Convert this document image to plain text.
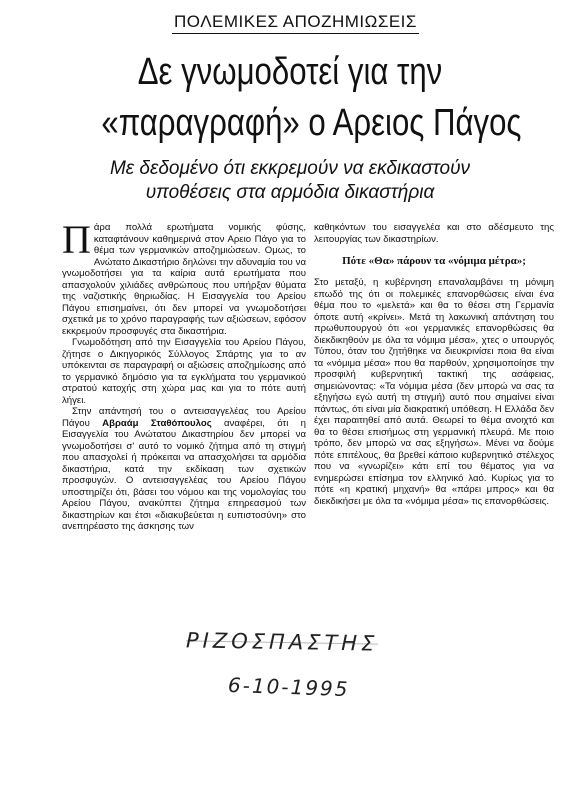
ΠΟΛΕΜΙΚΕΣ ΑΠΟΖΗΜΙΩΣΕΙΣ
Δε γνωμοδοτεί για την
«παραγραφή» ο Αρειος Πάγος
Με δεδομένο ότι εκκρεμούν να εκδικαστούν
υποθέσεις στα αρμόδια δικαστήρια

Πάρα πολλά ερωτήματα νομικής φύσης, καταφτάνουν καθημερινά στον Αρειο Πάγο για το θέμα των γερμανικών αποζημιώσεων. Ομως, το Ανώτατο Δικαστήριο δηλώνει την αδυναμία του να γνωμοδοτήσει για τα καίρια αυτά ερωτήματα που απασχολούν χιλιάδες ανθρώπους που υπήρξαν θύματα της ναζιστικής θηριωδίας. Η Εισαγγελία του Αρείου Πάγου επισημαίνει, ότι δεν μπορεί να γνωμοδοτήσει σχετικά με το χρόνο παραγραφής των αξιώσεων, εφόσον εκκρεμούν προσφυγές στα δικαστήρια.

Γνωμοδότηση από την Εισαγγελία του Αρείου Πάγου, ζήτησε ο Δικηγορικός Σύλλογος Σπάρτης για το αν υπόκεινται σε παραγραφή οι αξιώσεις αποζημίωσης από το γερμανικό δημόσιο για τα εγκλήματα του γερμανικού στρατού κατοχής στη χώρα μας και για το πότε αυτή λήγει.

Στην απάντησή του ο αντεισαγγελέας του Αρείου Πάγου Αβραάμ Σταθόπουλος αναφέρει, ότι η Εισαγγελία του Ανώτατου Δικαστηρίου δεν μπορεί να γνωμοδοτήσει σ' αυτό το νομικό ζήτημα από τη στιγμή που απασχολεί ή πρόκειται να απασχολήσει τα αρμόδια δικαστήρια, κατά την εκδίκαση των σχετικών προσφυγών. Ο αντεισαγγελέας του Αρείου Πάγου υποστηρίζει ότι, βάσει του νόμου και της νομολογίας του Αρείου Πάγου, ανακύπτει ζήτημα επηρεασμού των δικαστηρίων και έτσι «διακυβεύεται η ευπιστοσύνη» στο ανεπηρέαστο της άσκησης των

καθηκόντων του εισαγγελέα και στο αδέσμευτο της λειτουργίας των δικαστηρίων.

Πότε «Θα» πάρουν τα «νόμιμα μέτρα»;

Στο μεταξύ, η κυβέρνηση επαναλαμβάνει τη μόνιμη επωδό της ότι οι πολεμικές επανορθώσεις είναι ένα θέμα που το «μελετά» και θα το θέσει στη Γερμανία όποτε αυτή «κρίνει». Μετά τη λακωνική απάντηση του πρωθυπουργού ότι «οι γερμανικές επανορθώσεις θα διεκδικηθούν με όλα τα νόμιμα μέσα», χτες ο υπουργός Τύπου, όταν του ζητήθηκε να διευκρινίσει ποια θα είναι τα «νόμιμα μέσα» που θα παρθούν, χρησιμοποίησε την προσφιλή κυβερνητική τακτική της ασάφειας, σημειώνοντας: «Τα νόμιμα μέσα (δεν μπορώ να σας τα εξηγήσω εγώ αυτή τη στιγμή) αυτό που σημαίνει είναι πάντως, ότι είναι μία διακρατική υπόθεση. Η Ελλάδα δεν έχει παραιτηθεί από αυτά. Θεωρεί το θέμα ανοιχτό και θα το θέσει επισήμως στη γερμανική πλευρά. Με ποιο τρόπο, δεν μπορώ να σας εξηγήσω». Μένει να δούμε πότε επιτέλους, θα βρεθεί κάποιο κυβερνητικό στέλεχος που να «γνωρίζει» κάτι επί του θέματος για να ενημερώσει επίσημα τον ελληνικό λαό. Κυρίως για το πότε «η κρατική μηχανή» θα «πάρει μπρος» και θα διεκδικήσει με όλα τα «νόμιμα μέσα» τις επανορθώσεις.

ΡΙΖΟΣΠΑΣΤΗΣ
6-10-1995
